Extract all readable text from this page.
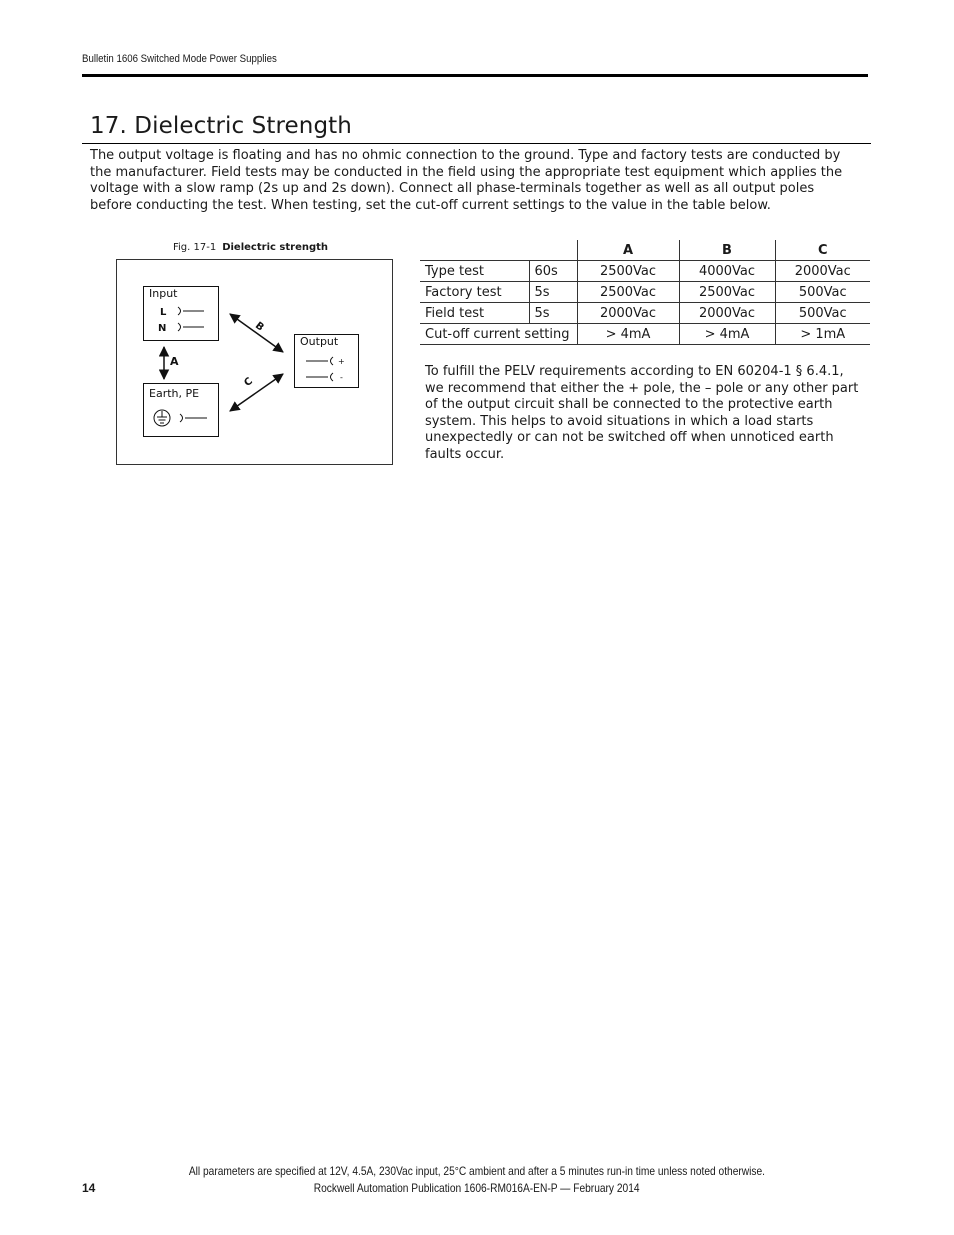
Bulletin 1606 Switched Mode Power Supplies
17. Dielectric Strength

The output voltage is floating and has no ohmic connection to the ground. Type and factory tests are conducted by the manufacturer. Field tests may be conducted in the field using the appropriate test equipment which applies the voltage with a slow ramp (2s up and 2s down). Connect all phase-terminals together as well as all output poles before conducting the test. When testing, set the cut-off current settings to the value in the table below.

Fig. 17-1 Dielectric strength
Input
L
N
Earth, PE
Output
+
-
A
B
C
		A	B	C
Type test	60s	2500Vac	4000Vac	2000Vac
Factory test	5s	2500Vac	2500Vac	500Vac
Field test	5s	2000Vac	2000Vac	500Vac
Cut-off current setting		> 4mA	> 4mA	> 1mA

To fulfill the PELV requirements according to EN 60204-1 § 6.4.1, we recommend that either the + pole, the – pole or any other part of the output circuit shall be connected to the protective earth system. This helps to avoid situations in which a load starts unexpectedly or can not be switched off when unnoticed earth faults occur.

All parameters are specified at 12V, 4.5A, 230Vac input, 25°C ambient and after a 5 minutes run-in time unless noted otherwise.
14	Rockwell Automation Publication 1606-RM016A-EN-P — February 2014
